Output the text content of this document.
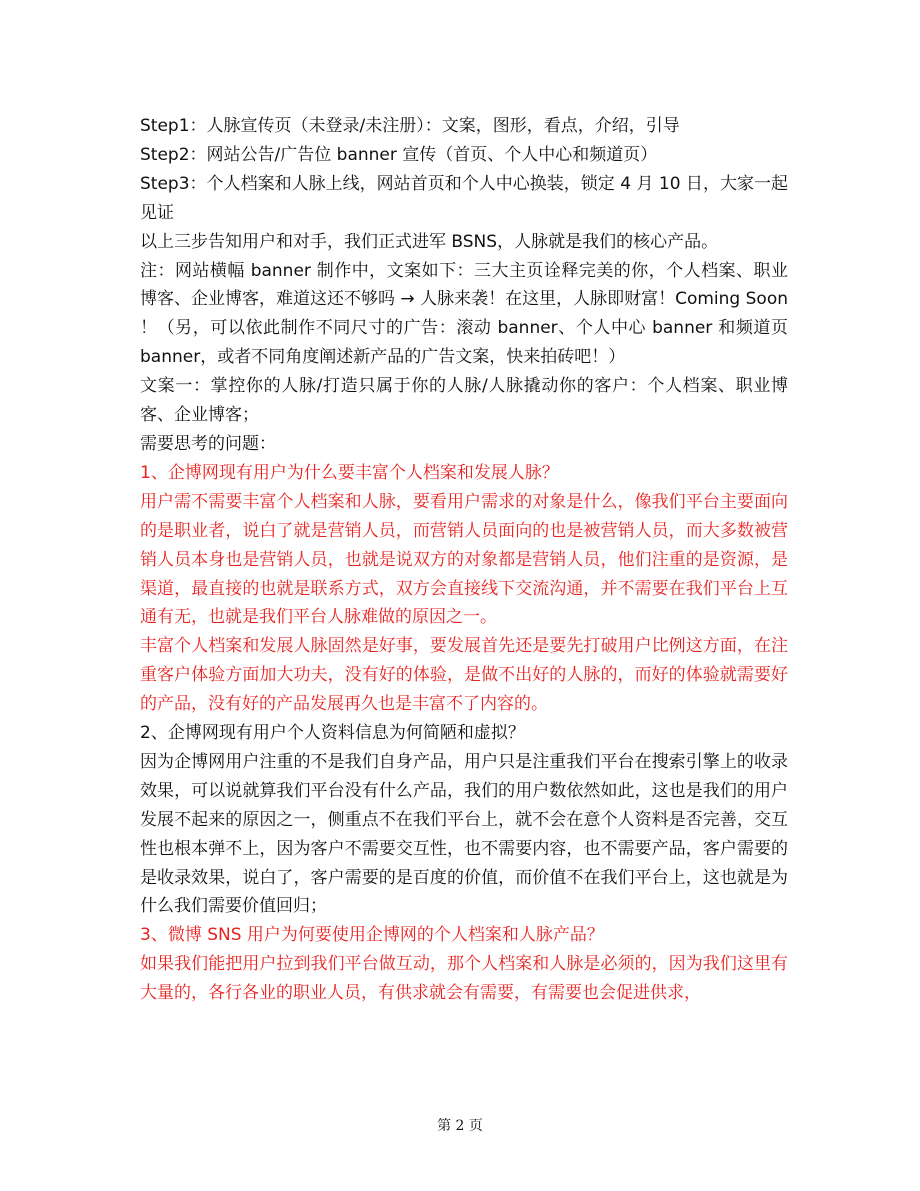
Step1：人脉宣传页（未登录/未注册）：文案，图形，看点，介绍，引导

Step2：网站公告/广告位 banner 宣传（首页、个人中心和频道页）

Step3：个人档案和人脉上线，网站首页和个人中心换装，锁定 4 月 10 日，大家一起见证

以上三步告知用户和对手，我们正式进军 BSNS，人脉就是我们的核心产品。

注：网站横幅 banner 制作中，文案如下：三大主页诠释完美的你，个人档案、职业博客、企业博客，难道这还不够吗 → 人脉来袭！在这里，人脉即财富！Coming Soon ！（另，可以依此制作不同尺寸的广告：滚动 banner、个人中心 banner 和频道页 banner，或者不同角度阐述新产品的广告文案，快来拍砖吧！）

文案一：掌控你的人脉/打造只属于你的人脉/人脉撬动你的客户：个人档案、职业博客、企业博客；

需要思考的问题：

1、企博网现有用户为什么要丰富个人档案和发展人脉？

用户需不需要丰富个人档案和人脉，要看用户需求的对象是什么，像我们平台主要面向的是职业者，说白了就是营销人员，而营销人员面向的也是被营销人员，而大多数被营销人员本身也是营销人员，也就是说双方的对象都是营销人员，他们注重的是资源，是渠道，最直接的也就是联系方式，双方会直接线下交流沟通，并不需要在我们平台上互通有无，也就是我们平台人脉难做的原因之一。

丰富个人档案和发展人脉固然是好事，要发展首先还是要先打破用户比例这方面，在注重客户体验方面加大功夫，没有好的体验，是做不出好的人脉的，而好的体验就需要好的产品，没有好的产品发展再久也是丰富不了内容的。

2、企博网现有用户个人资料信息为何简陋和虚拟？

因为企博网用户注重的不是我们自身产品，用户只是注重我们平台在搜索引擎上的收录效果，可以说就算我们平台没有什么产品，我们的用户数依然如此，这也是我们的用户发展不起来的原因之一，侧重点不在我们平台上，就不会在意个人资料是否完善，交互性也根本弹不上，因为客户不需要交互性，也不需要内容，也不需要产品，客户需要的是收录效果，说白了，客户需要的是百度的价值，而价值不在我们平台上，这也就是为什么我们需要价值回归；

3、微博 SNS 用户为何要使用企博网的个人档案和人脉产品？

如果我们能把用户拉到我们平台做互动，那个人档案和人脉是必须的，因为我们这里有大量的，各行各业的职业人员，有供求就会有需要，有需要也会促进供求，

第 2 页
